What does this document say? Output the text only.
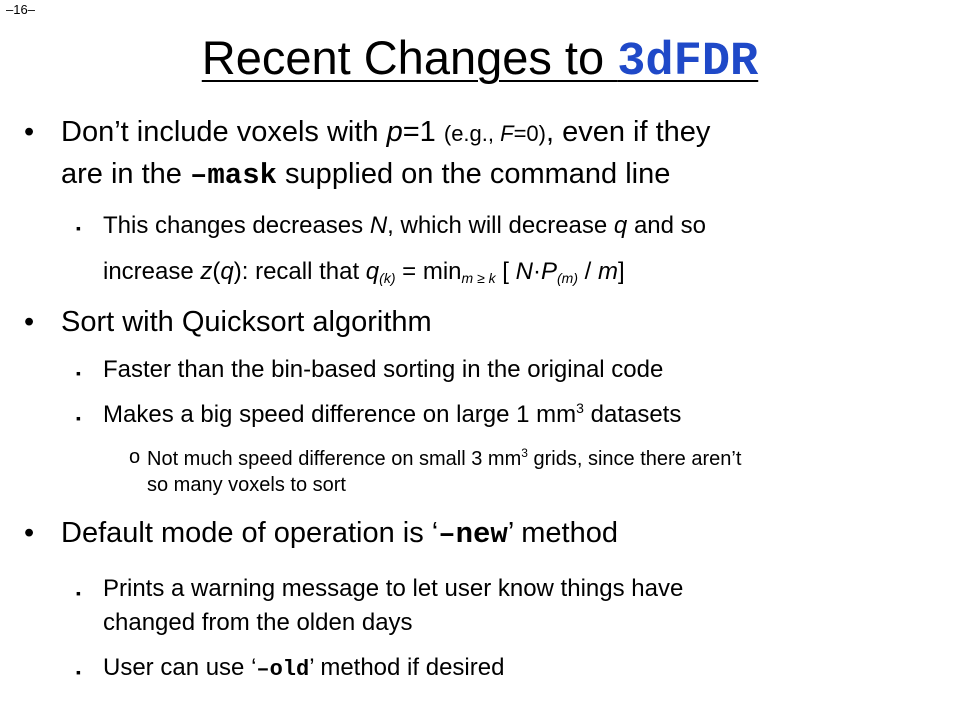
–16–
Recent Changes to 3dFDR
• Don’t include voxels with p=1 (e.g., F=0), even if they
are in the –mask supplied on the command line
▪ This changes decreases N, which will decrease q and so
increase z(q): recall that $q_{(k)} = \min_{m \ge k}$ [ $N\cdot P_{(m)} / m$]
• Sort with Quicksort algorithm
▪ Faster than the bin-based sorting in the original code
▪ Makes a big speed difference on large 1 $mm^3$ datasets
o Not much speed difference on small 3 $mm^3$ grids, since there aren’t
so many voxels to sort
• Default mode of operation is ‘–new’ method
▪ Prints a warning message to let user know things have
changed from the olden days
▪ User can use ‘–old’ method if desired
